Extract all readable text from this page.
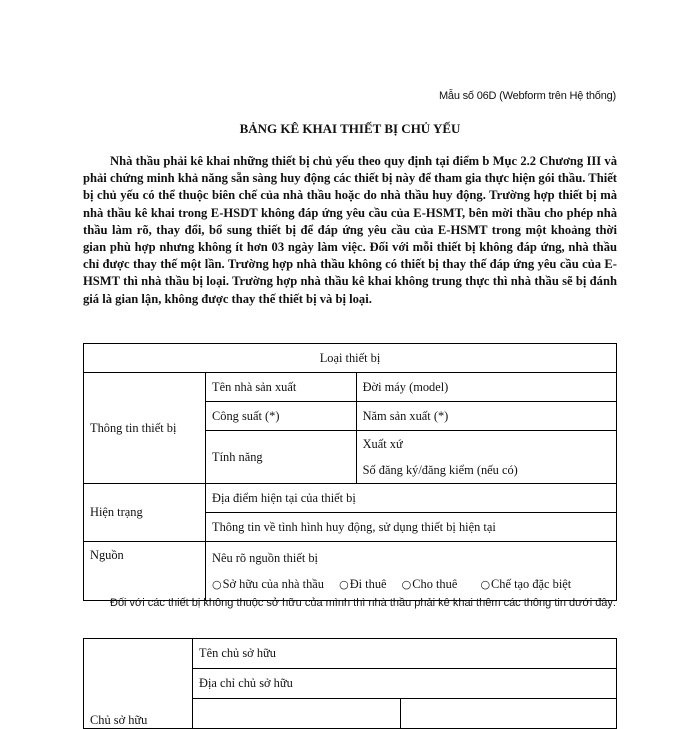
Mẫu số 06D (Webform trên Hệ thống)
BẢNG KÊ KHAI THIẾT BỊ CHỦ YẾU

Nhà thầu phải kê khai những thiết bị chủ yếu theo quy định tại điểm b Mục 2.2 Chương III và phải chứng minh khả năng sẵn sàng huy động các thiết bị này để tham gia thực hiện gói thầu. Thiết bị chủ yếu có thể thuộc biên chế của nhà thầu hoặc do nhà thầu huy động. Trường hợp thiết bị mà nhà thầu kê khai trong E-HSDT không đáp ứng yêu cầu của E-HSMT, bên mời thầu cho phép nhà thầu làm rõ, thay đổi, bổ sung thiết bị để đáp ứng yêu cầu của E-HSMT trong một khoảng thời gian phù hợp nhưng không ít hơn 03 ngày làm việc. Đối với mỗi thiết bị không đáp ứng, nhà thầu chỉ được thay thế một lần. Trường hợp nhà thầu không có thiết bị thay thế đáp ứng yêu cầu của E-HSMT thì nhà thầu bị loại. Trường hợp nhà thầu kê khai không trung thực thì nhà thầu sẽ bị đánh giá là gian lận, không được thay thế thiết bị và bị loại.

Loại thiết bị		
Thông tin thiết bị	Tên nhà sản xuất	Đời máy (model)
	Công suất (*)	Năm sản xuất (*)
	Tính năng	Xuất xứ
Số đăng ký/đăng kiểm (nếu có)

Hiện trạng	Địa điểm hiện tại của thiết bị	
	Thông tin về tình hình huy động, sử dụng thiết bị hiện tại	
Nguồn	Nêu rõ nguồn thiết bị
○Sở hữu của nhà thầu ○Đi thuê ○Cho thuê ○Chế tạo đặc biệt	

Đối với các thiết bị không thuộc sở hữu của mình thì nhà thầu phải kê khai thêm các thông tin dưới đây:

Chủ sở hữu	Tên chủ sở hữu	
	Địa chỉ chủ sở hữu	
